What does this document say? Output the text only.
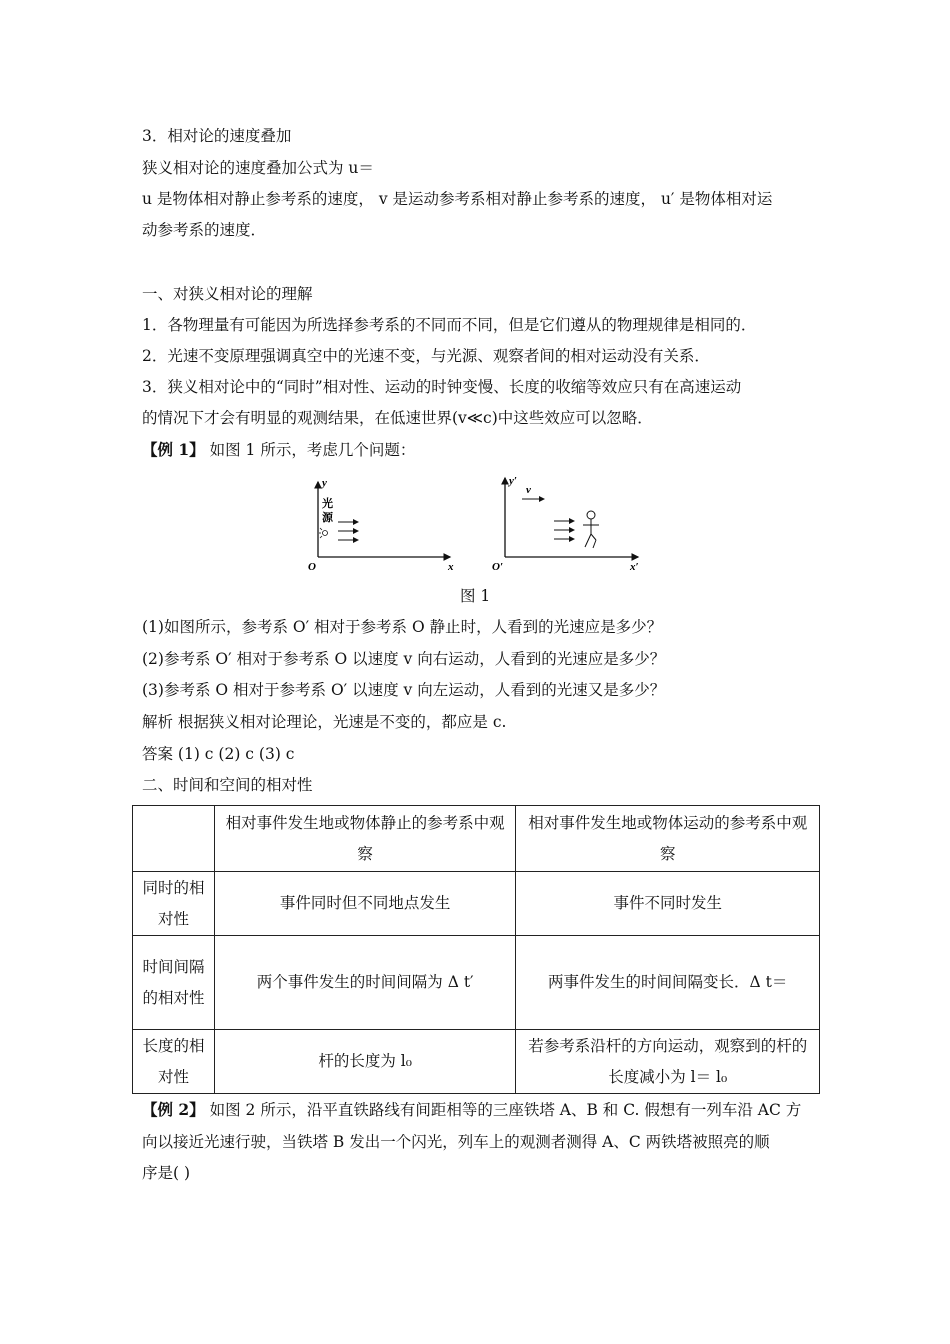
3．相对论的速度叠加
狭义相对论的速度叠加公式为 u＝
u 是物体相对静止参考系的速度， v 是运动参考系相对静止参考系的速度， u′ 是物体相对运
动参考系的速度．
一、对狭义相对论的理解
1．各物理量有可能因为所选择参考系的不同而不同，但是它们遵从的物理规律是相同的．
2．光速不变原理强调真空中的光速不变，与光源、观察者间的相对运动没有关系．
3．狭义相对论中的“同时”相对性、运动的时钟变慢、长度的收缩等效应只有在高速运动
的情况下才会有明显的观测结果，在低速世界(v≪c)中这些效应可以忽略．
【例 1】 如图 1 所示，考虑几个问题：
y
x
O
光
源
y′
x′
O′
v
图 1
(1)如图所示，参考系 O′ 相对于参考系 O 静止时，人看到的光速应是多少？
(2)参考系 O′ 相对于参考系 O 以速度 v 向右运动，人看到的光速应是多少？
(3)参考系 O 相对于参考系 O′ 以速度 v 向左运动，人看到的光速又是多少？
解析 根据狭义相对论理论，光速是不变的，都应是 c.
答案 (1) c (2) c (3) c
二、时间和空间的相对性
	相对事件发生地或物体静止的参考系中观察	相对事件发生地或物体运动的参考系中观察
同时的相对性	事件同时但不同地点发生	事件不同时发生
时间间隔的相对性	两个事件发生的时间间隔为 Δ t′	两事件发生的时间间隔变长．Δ t＝
长度的相对性	杆的长度为 l₀	若参考系沿杆的方向运动，观察到的杆的长度减小为 l＝ l₀
【例 2】 如图 2 所示，沿平直铁路线有间距相等的三座铁塔 A、B 和 C. 假想有一列车沿 AC 方
向以接近光速行驶，当铁塔 B 发出一个闪光，列车上的观测者测得 A、C 两铁塔被照亮的顺
序是( )
